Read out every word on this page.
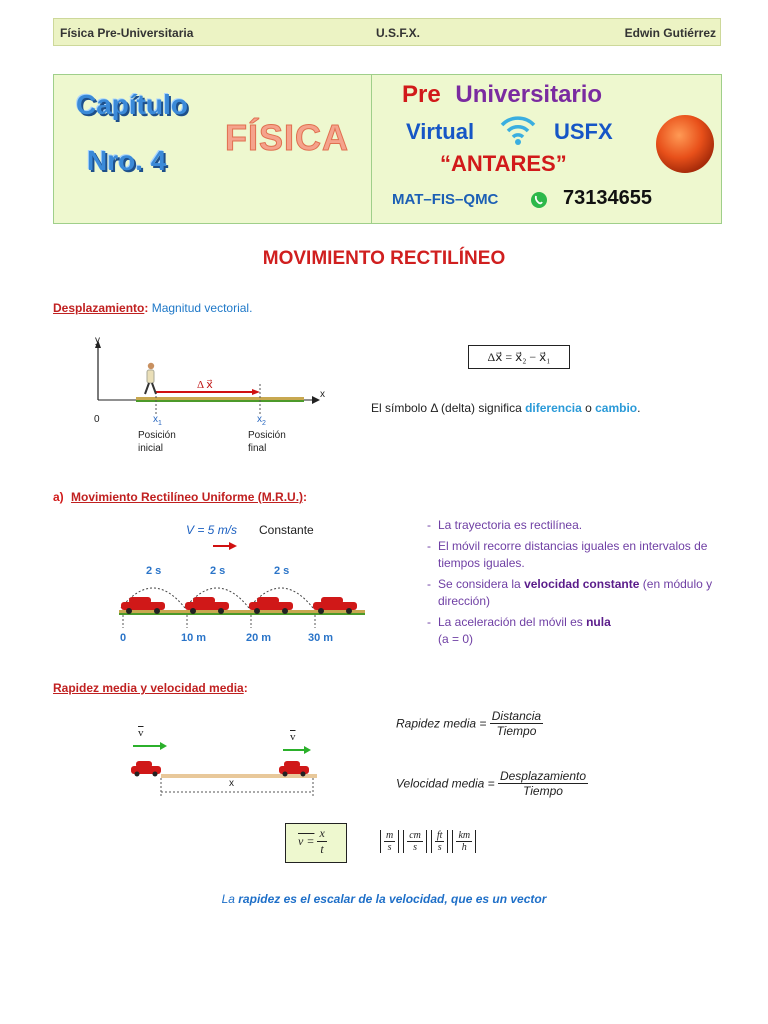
Física Pre-Universitaria	U.S.F.X.	Edwin Gutiérrez
Capítulo
Nro. 4
FÍSICA
Pre Universitario
Virtual	USFX
“ANTARES”
MAT–FIS–QMC	73134655
MOVIMIENTO RECTILÍNEO
Desplazamiento: Magnitud vectorial.
y
x
0
Δ x⃗
$x_1$	$x_2$
Posición
inicial
Posición
final
Δx⃗ = x⃗₂ − x⃗₁
El símbolo Δ (delta) significa diferencia o cambio.
a) Movimiento Rectilíneo Uniforme (M.R.U.):
V = 5 m/s Constante
2 s	2 s	2 s
0	10 m	20 m	30 m
- La trayectoria es rectilínea.
- El móvil recorre distancias iguales en intervalos de tiempos iguales.
- Se considera la velocidad constante (en módulo y dirección)
- La aceleración del móvil es nula
(a = 0)
Rapidez media y velocidad media:
$\overline{v}$	$\overline{v}$
x
Rapidez media = $\frac{\text{Distancia}}{\text{Tiempo}}$
Velocidad media = $\frac{\text{Desplazamiento}}{\text{Tiempo}}$
$v = \frac{x}{t}$	$\frac{m}{s} \frac{cm}{s} \frac{ft}{s} \frac{km}{h}$
La rapidez es el escalar de la velocidad, que es un vector
